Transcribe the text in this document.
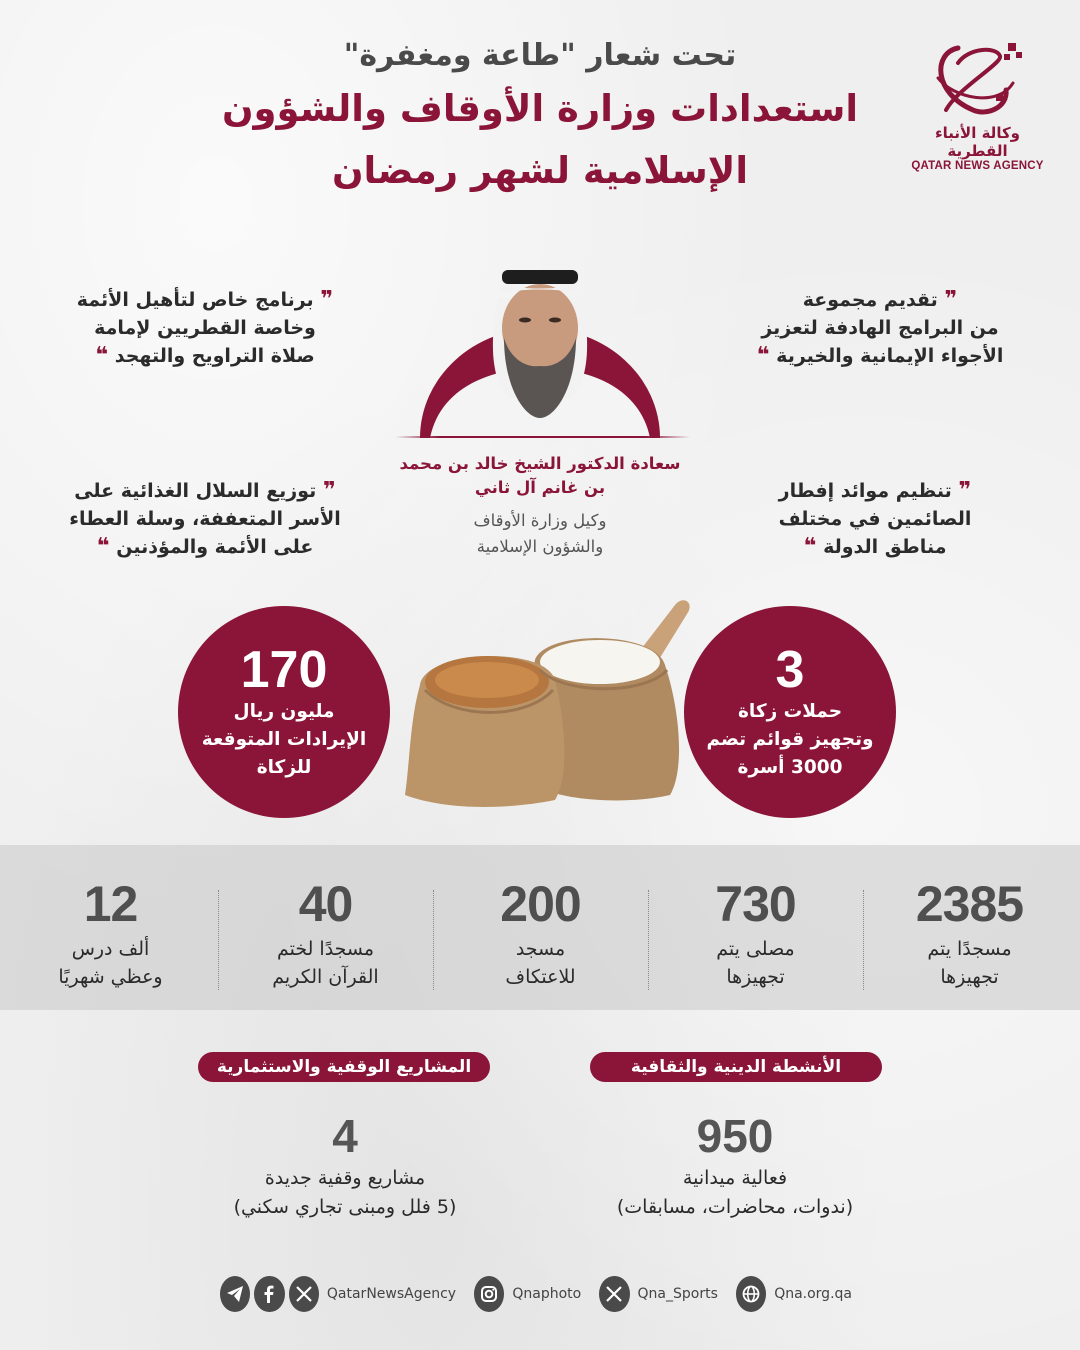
وكالة الأنباء القطرية
QATAR NEWS AGENCY
تحت شعار "طاعة ومغفرة"
استعدادات وزارة الأوقاف والشؤون
الإسلامية لشهر رمضان
❞ تقديم مجموعة
من البرامج الهادفة لتعزيز
الأجواء الإيمانية والخيرية ❝
❞ برنامج خاص لتأهيل الأئمة
وخاصة القطريين لإمامة
صلاة التراويح والتهجد ❝
❞ تنظيم موائد إفطار
الصائمين في مختلف
مناطق الدولة ❝
❞ توزيع السلال الغذائية على
الأسر المتعففة، وسلة العطاء
على الأئمة والمؤذنين ❝
سعادة الدكتور الشيخ خالد بن محمد
بن غانم آل ثاني
وكيل وزارة الأوقاف
والشؤون الإسلامية
3
حملات زكاة
وتجهيز قوائم تضم
3000 أسرة
170
مليون ريال
الإيرادات المتوقعة
للزكاة
2385
مسجدًا يتم
تجهيزها
730
مصلى يتم
تجهيزها
200
مسجد
للاعتكاف
40
مسجدًا لختم
القرآن الكريم
12
ألف درس
وعظي شهريًا
الأنشطة الدينية والثقافية
950
فعالية ميدانية
(ندوات، محاضرات، مسابقات)
المشاريع الوقفية والاستثمارية
4
مشاريع وقفية جديدة
(5 فلل ومبنى تجاري سكني)
QatarNewsAgency	Qnaphoto	Qna_Sports	Qna.org.qa
